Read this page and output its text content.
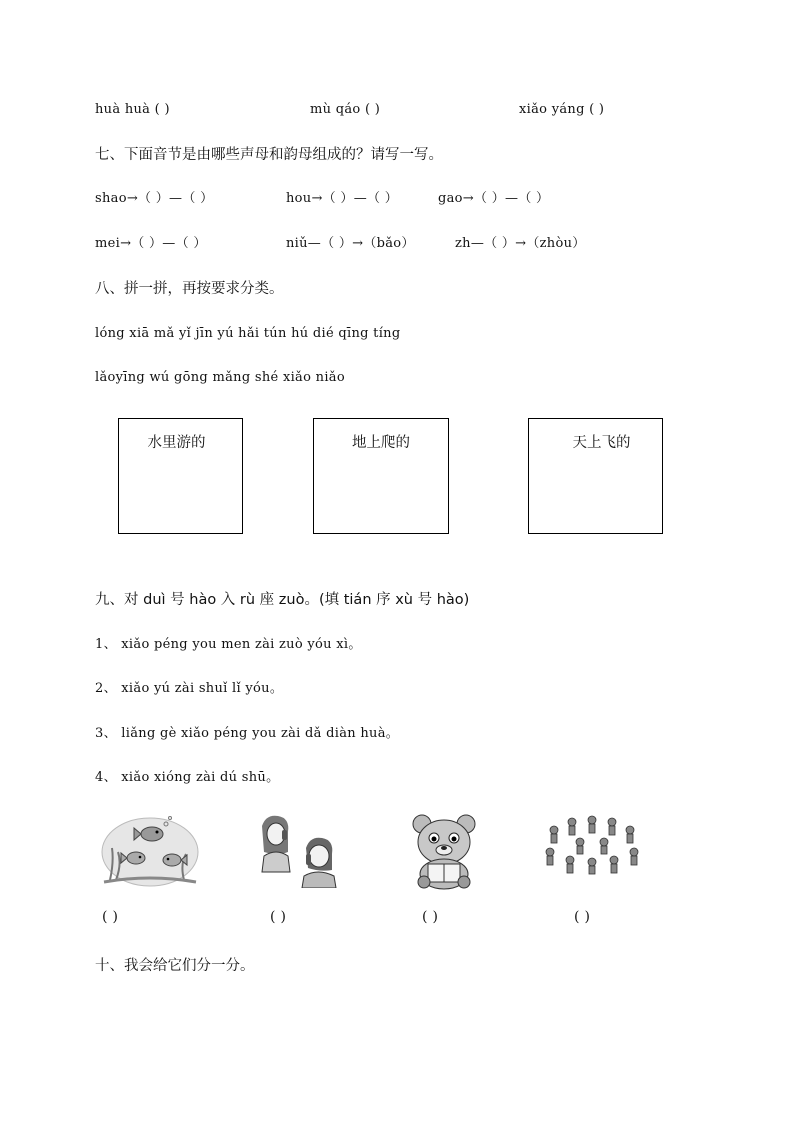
huà huà ( )	mù qáo ( )	xiǎo yáng ( )
七、下面音节是由哪些声母和韵母组成的？请写一写。
shao→（ ）—（ ）	hou→（ ）—（ ）	gao→（ ）—（ ）
mei→（ ）—（ ）	niǔ—（ ）→（bǎo）	zh—（ ）→（zhòu）
八、拼一拼，再按要求分类。
lóng xiā mǎ yǐ jīn yú hǎi tún hú dié qīng tíng
lǎoyīng wú gōng mǎng shé xiǎo niǎo
水里游的	地上爬的	天上飞的
九、对 duì 号 hào 入 rù 座 zuò。(填 tián 序 xù 号 hào)
1、 xiǎo péng you men zài zuò yóu xì。
2、 xiǎo yú zài shuǐ lǐ yóu。
3、 liǎng gè xiǎo péng you zài dǎ diàn huà。
4、 xiǎo xióng zài dú shū。
( )	( )	( )	( )
十、我会给它们分一分。
